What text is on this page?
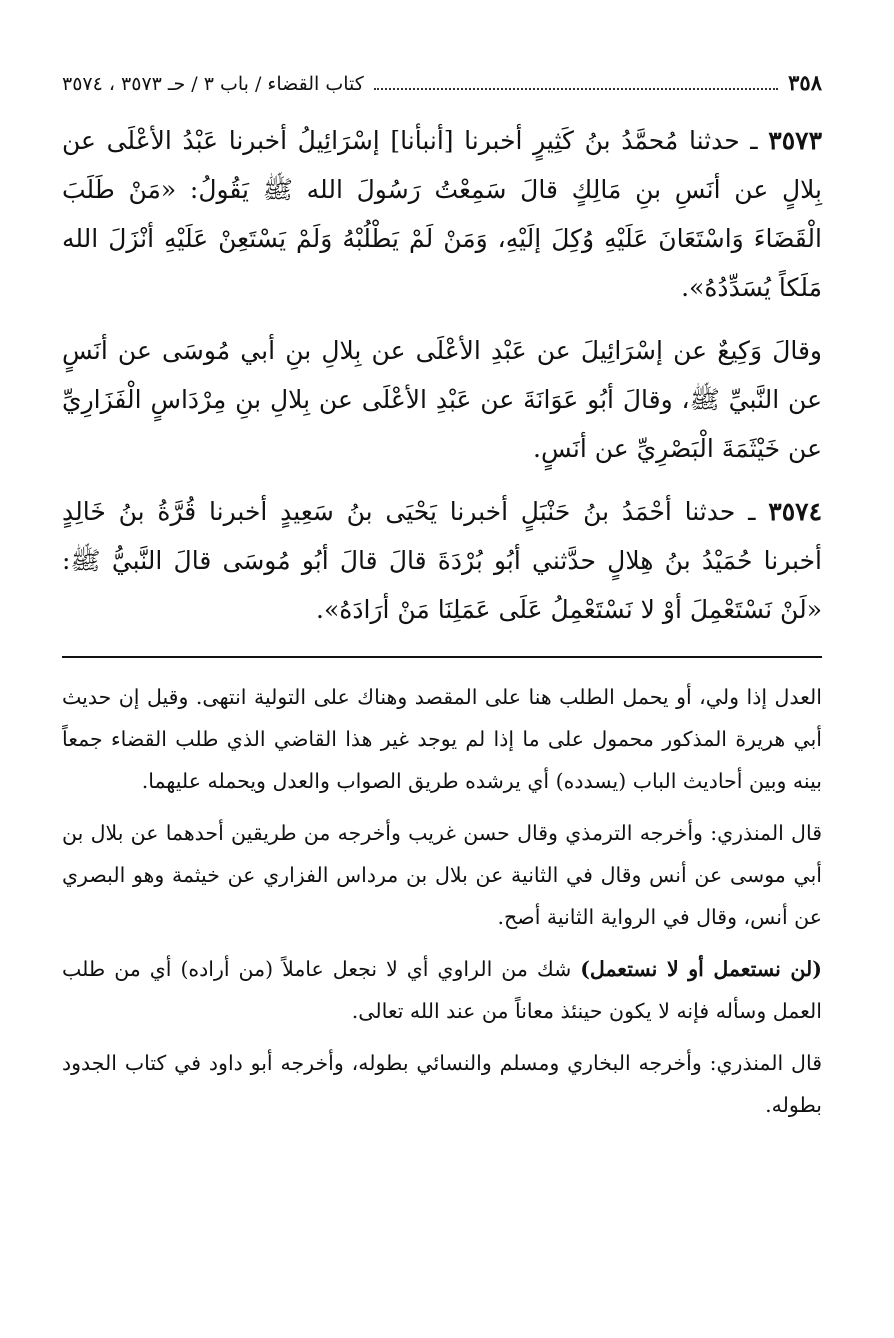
٣٥٨
كتاب القضاء / باب ٣ / حـ ٣٥٧٣ ، ٣٥٧٤

٣٥٧٣ ـ حدثنا مُحمَّدُ بنُ كَثِيرٍ أخبرنا [أنبأنا] إسْرَائِيلُ أخبرنا عَبْدُ الأعْلَى عن بِلالٍ عن أنَسِ بنِ مَالِكٍ قالَ سَمِعْتُ رَسُولَ الله ﷺ يَقُولُ: «مَنْ طَلَبَ الْقَضَاءَ وَاسْتَعَانَ عَلَيْهِ وُكِلَ إلَيْهِ، وَمَنْ لَمْ يَطْلُبْهُ وَلَمْ يَسْتَعِنْ عَلَيْهِ أنْزَلَ الله مَلَكاً يُسَدِّدُهُ».

وقالَ وَكِيعٌ عن إسْرَائِيلَ عن عَبْدِ الأعْلَى عن بِلالِ بنِ أبي مُوسَى عن أنَسٍ عن النَّبيِّ ﷺ، وقالَ أبُو عَوَانَةَ عن عَبْدِ الأعْلَى عن بِلالِ بنِ مِرْدَاسٍ الْفَزَارِيِّ عن خَيْثَمَةَ الْبَصْرِيِّ عن أنَسٍ.

٣٥٧٤ ـ حدثنا أحْمَدُ بنُ حَنْبَلٍ أخبرنا يَحْيَى بنُ سَعِيدٍ أخبرنا قُرَّةُ بنُ خَالِدٍ أخبرنا حُمَيْدُ بنُ هِلالٍ حدَّثني أبُو بُرْدَةَ قالَ قالَ أبُو مُوسَى قالَ النَّبيُّ ﷺ: «لَنْ نَسْتَعْمِلَ أوْ لا نَسْتَعْمِلُ عَلَى عَمَلِنَا مَنْ أرَادَهُ».

العدل إذا ولي، أو يحمل الطلب هنا على المقصد وهناك على التولية انتهى. وقيل إن حديث أبي هريرة المذكور محمول على ما إذا لم يوجد غير هذا القاضي الذي طلب القضاء جمعاً بينه وبين أحاديث الباب (يسدده) أي يرشده طريق الصواب والعدل ويحمله عليهما.

قال المنذري: وأخرجه الترمذي وقال حسن غريب وأخرجه من طريقين أحدهما عن بلال بن أبي موسى عن أنس وقال في الثانية عن بلال بن مرداس الفزاري عن خيثمة وهو البصري عن أنس، وقال في الرواية الثانية أصح.

(لن نستعمل أو لا نستعمل) شك من الراوي أي لا نجعل عاملاً (من أراده) أي من طلب العمل وسأله فإنه لا يكون حينئذ معاناً من عند الله تعالى.

قال المنذري: وأخرجه البخاري ومسلم والنسائي بطوله، وأخرجه أبو داود في كتاب الجدود بطوله.
